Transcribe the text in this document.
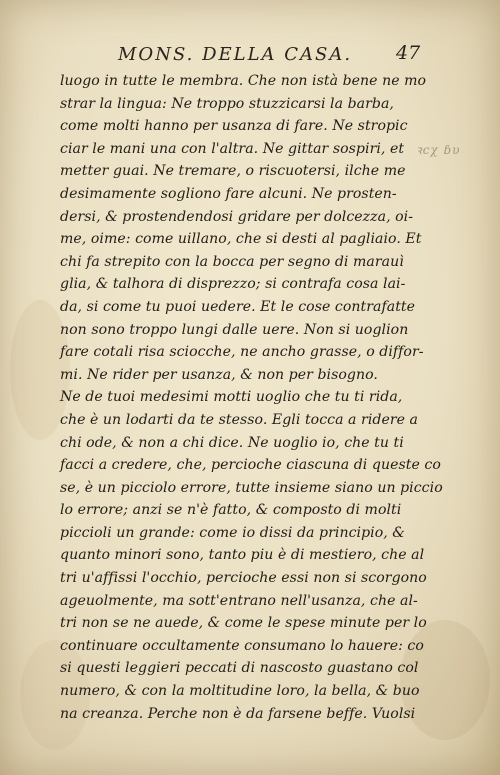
MONS. DELLA CASA. 47
luogo in tutte le membra. Che non istà bene ne mo
strar la lingua: Ne troppo stuzzicarsi la barba,
come molti hanno per usanza di fare. Ne stropic
ciar le mani una con l'altra. Ne gittar sospiri, et
metter guai. Ne tremare, o riscuotersi, ilche me
desimamente sogliono fare alcuni. Ne prosten-
dersi, & prostendendosi gridare per dolcezza, oi-
me, oime: come uillano, che si desti al pagliaio. Et
chi fa strepito con la bocca per segno di marauì
glia, & talhora di disprezzo; si contrafa cosa lai-
da, si come tu puoi uedere. Et le cose contrafatte
non sono troppo lungi dalle uere. Non si uoglion
fare cotali risa sciocche, ne ancho grasse, o diffor-
mi. Ne rider per usanza, & non per bisogno.
Ne de tuoi medesimi motti uoglio che tu ti rida,
che è un lodarti da te stesso. Egli tocca a ridere a
chi ode, & non a chi dice. Ne uoglio io, che tu ti
facci a credere, che, percioche ciascuna di queste co
se, è un picciolo errore, tutte insieme siano un piccio
lo errore; anzi se n'è fatto, & composto di molti
piccioli un grande: come io dissi da principio, &
quanto minori sono, tanto piu è di mestiero, che al
tri u'affissi l'occhio, percioche essi non si scorgono
ageuolmente, ma sott'entrano nell'usanza, che al-
tri non se ne auede, & come le spese minute per lo
continuare occultamente consumano lo hauere: co
si questi leggieri peccati di nascosto guastano col
numero, & con la moltitudine loro, la bella, & buo
na creanza. Perche non è da farsene beffe. Vuolsi
ꝛcχ ɓυ
